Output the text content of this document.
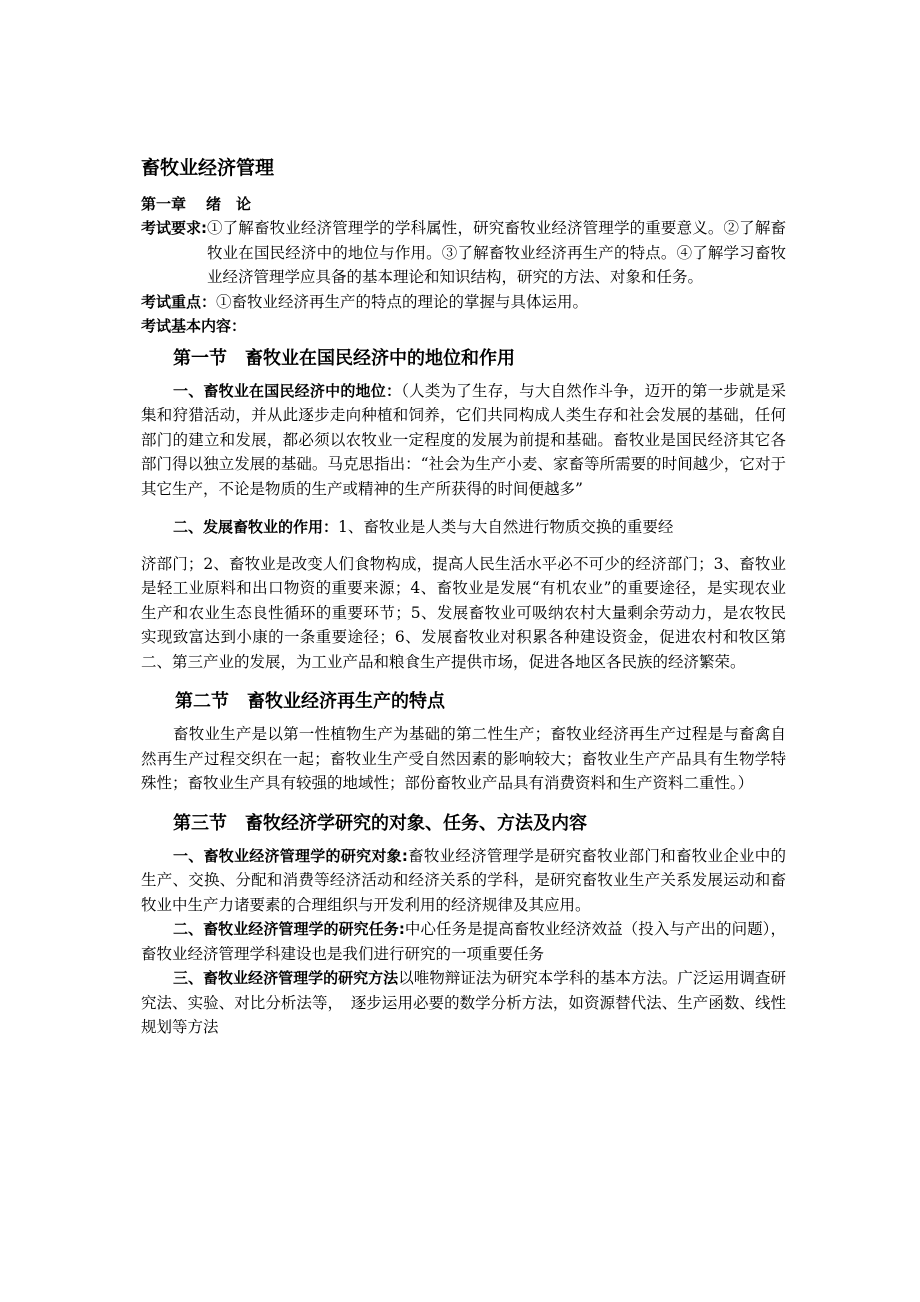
畜牧业经济管理
第一章 绪　论
考试要求: ①了解畜牧业经济管理学的学科属性，研究畜牧业经济管理学的重要意义。②了解畜牧业在国民经济中的地位与作用。③了解畜牧业经济再生产的特点。④了解学习畜牧业经济管理学应具备的基本理论和知识结构，研究的方法、对象和任务。
考试重点：①畜牧业经济再生产的特点的理论的掌握与具体运用。
考试基本内容：
第一节　畜牧业在国民经济中的地位和作用
一、畜牧业在国民经济中的地位：（人类为了生存，与大自然作斗争，迈开的第一步就是采集和狩猎活动，并从此逐步走向种植和饲养，它们共同构成人类生存和社会发展的基础，任何部门的建立和发展，都必须以农牧业一定程度的发展为前提和基础。畜牧业是国民经济其它各部门得以独立发展的基础。马克思指出：“社会为生产小麦、家畜等所需要的时间越少，它对于其它生产，不论是物质的生产或精神的生产所获得的时间便越多”
二、发展畜牧业的作用：1、畜牧业是人类与大自然进行物质交换的重要经
济部门；2、畜牧业是改变人们食物构成，提高人民生活水平必不可少的经济部门；3、畜牧业是轻工业原料和出口物资的重要来源；4、畜牧业是发展“有机农业”的重要途径，是实现农业生产和农业生态良性循环的重要环节；5、发展畜牧业可吸纳农村大量剩余劳动力，是农牧民实现致富达到小康的一条重要途径；6、发展畜牧业对积累各种建设资金，促进农村和牧区第二、第三产业的发展，为工业产品和粮食生产提供市场，促进各地区各民族的经济繁荣。
第二节　畜牧业经济再生产的特点
畜牧业生产是以第一性植物生产为基础的第二性生产；畜牧业经济再生产过程是与畜禽自然再生产过程交织在一起；畜牧业生产受自然因素的影响较大；畜牧业生产产品具有生物学特殊性；畜牧业生产具有较强的地域性；部份畜牧业产品具有消费资料和生产资料二重性。）
第三节　畜牧经济学研究的对象、任务、方法及内容
一、畜牧业经济管理学的研究对象:畜牧业经济管理学是研究畜牧业部门和畜牧业企业中的生产、交换、分配和消费等经济活动和经济关系的学科，是研究畜牧业生产关系发展运动和畜牧业中生产力诸要素的合理组织与开发利用的经济规律及其应用。
二、畜牧业经济管理学的研究任务:中心任务是提高畜牧业经济效益（投入与产出的问题），畜牧业经济管理学科建设也是我们进行研究的一项重要任务
三、畜牧业经济管理学的研究方法以唯物辩证法为研究本学科的基本方法。广泛运用调查研究法、实验、对比分析法等，　逐步运用必要的数学分析方法，如资源替代法、生产函数、线性规划等方法
